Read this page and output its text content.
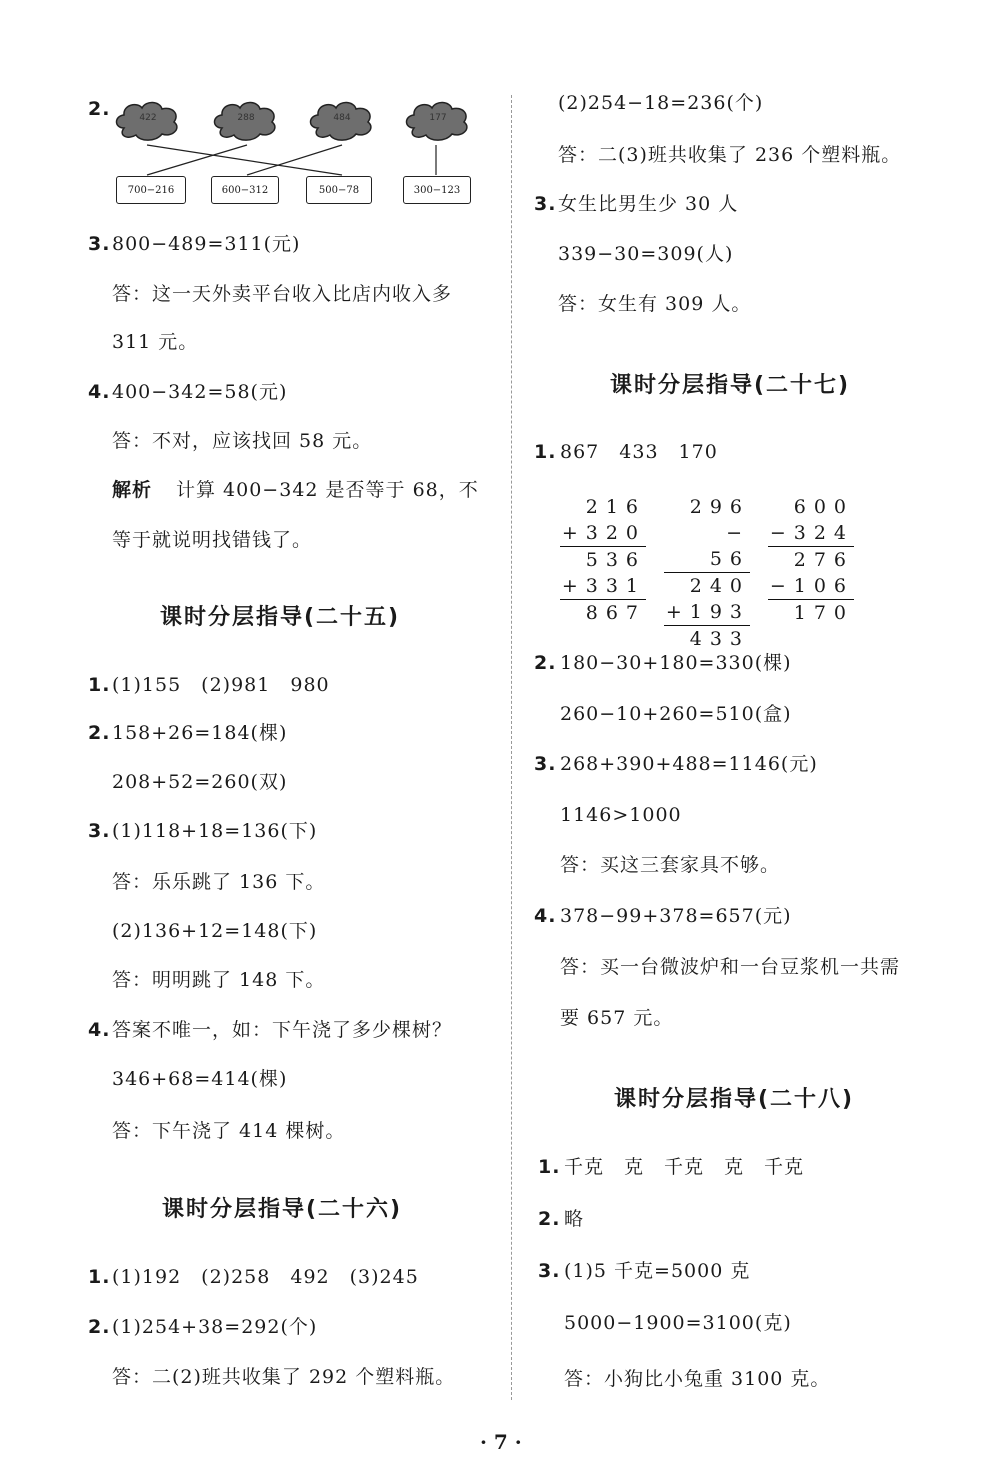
2.	422	288	484	177
700−216	600−312	500−78	300−123
3. 800−489=311(元)
答：这一天外卖平台收入比店内收入多
311 元。
4. 400−342=58(元)
答：不对，应该找回 58 元。
解析 计算 400−342 是否等于 68，不
等于就说明找错钱了。
课时分层指导(二十五)
1. (1)155　(2)981　980
2. 158+26=184(棵)
208+52=260(双)
3. (1)118+18=136(下)
答：乐乐跳了 136 下。
(2)136+12=148(下)
答：明明跳了 148 下。
4. 答案不唯一，如：下午浇了多少棵树？
346+68=414(棵)
答：下午浇了 414 棵树。
课时分层指导(二十六)
1. (1)192　(2)258　492　(3)245
2. (1)254+38=292(个)
答：二(2)班共收集了 292 个塑料瓶。
(2)254−18=236(个)
答：二(3)班共收集了 236 个塑料瓶。
3. 女生比男生少 30 人
339−30=309(人)
答：女生有 309 人。
课时分层指导(二十七)
1. 867　433　170
216
+320
536
+331
867
296
−　56
240
+193
433
600
−324
276
−106
170
2. 180−30+180=330(棵)
260−10+260=510(盒)
3. 268+390+488=1146(元)
1146>1000
答：买这三套家具不够。
4. 378−99+378=657(元)
答：买一台微波炉和一台豆浆机一共需
要 657 元。
课时分层指导(二十八)
1. 千克　克　千克　克　千克
2. 略
3. (1)5 千克=5000 克
5000−1900=3100(克)
答：小狗比小兔重 3100 克。
· 7 ·
